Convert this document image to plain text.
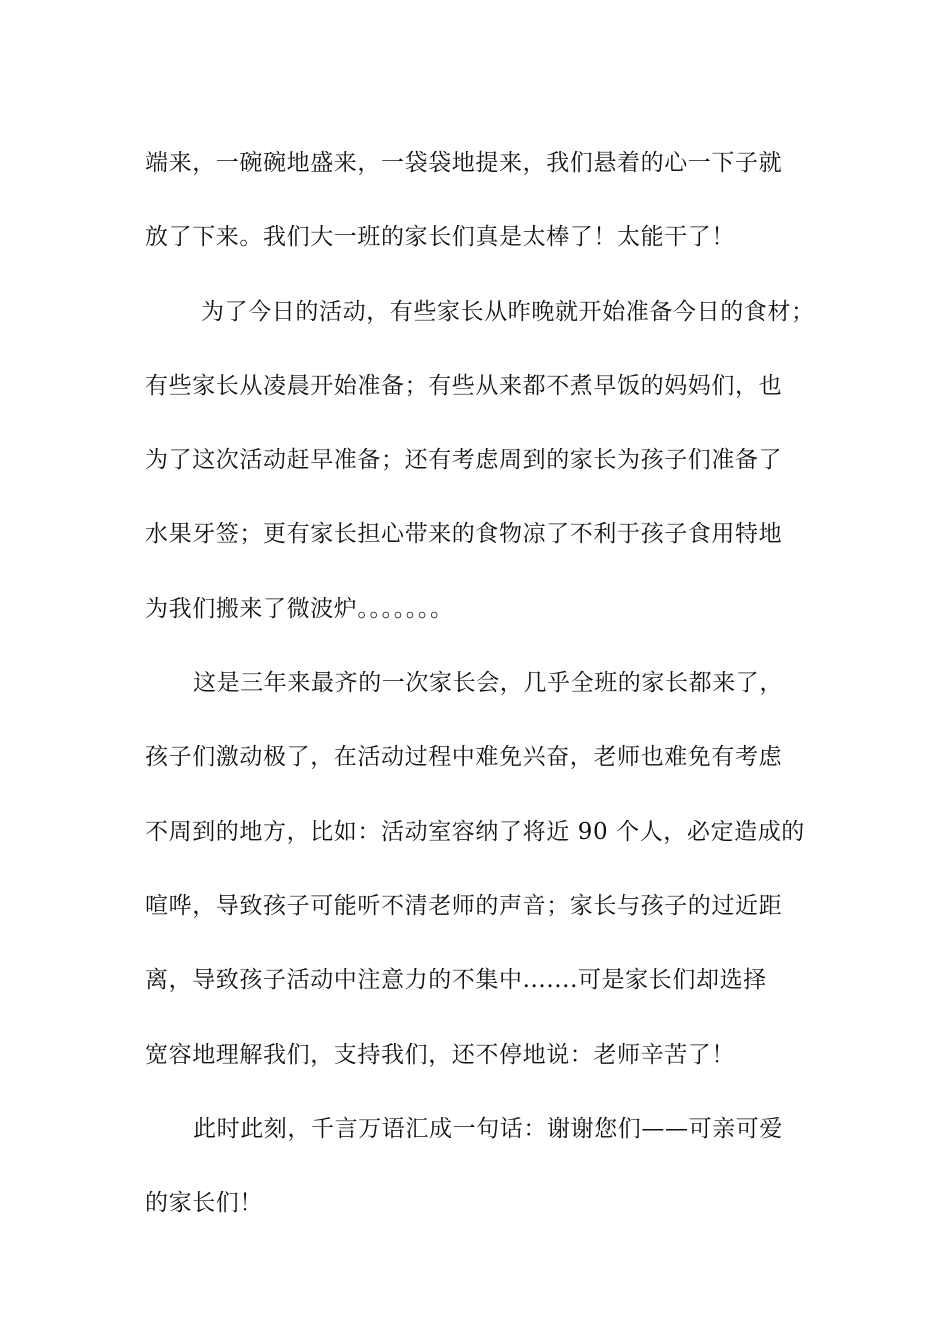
端来，一碗碗地盛来，一袋袋地提来，我们悬着的心一下子就
放了下来。我们大一班的家长们真是太棒了！太能干了！
为了今日的活动，有些家长从昨晚就开始准备今日的食材；
有些家长从凌晨开始准备；有些从来都不煮早饭的妈妈们，也
为了这次活动赶早准备；还有考虑周到的家长为孩子们准备了
水果牙签；更有家长担心带来的食物凉了不利于孩子食用特地
为我们搬来了微波炉。。。。。。。
这是三年来最齐的一次家长会，几乎全班的家长都来了，
孩子们激动极了，在活动过程中难免兴奋，老师也难免有考虑
不周到的地方，比如：活动室容纳了将近 90 个人，必定造成的
喧哗，导致孩子可能听不清老师的声音；家长与孩子的过近距
离，导致孩子活动中注意力的不集中.......可是家长们却选择
宽容地理解我们，支持我们，还不停地说：老师辛苦了！
此时此刻，千言万语汇成一句话：谢谢您们——可亲可爱
的家长们！
